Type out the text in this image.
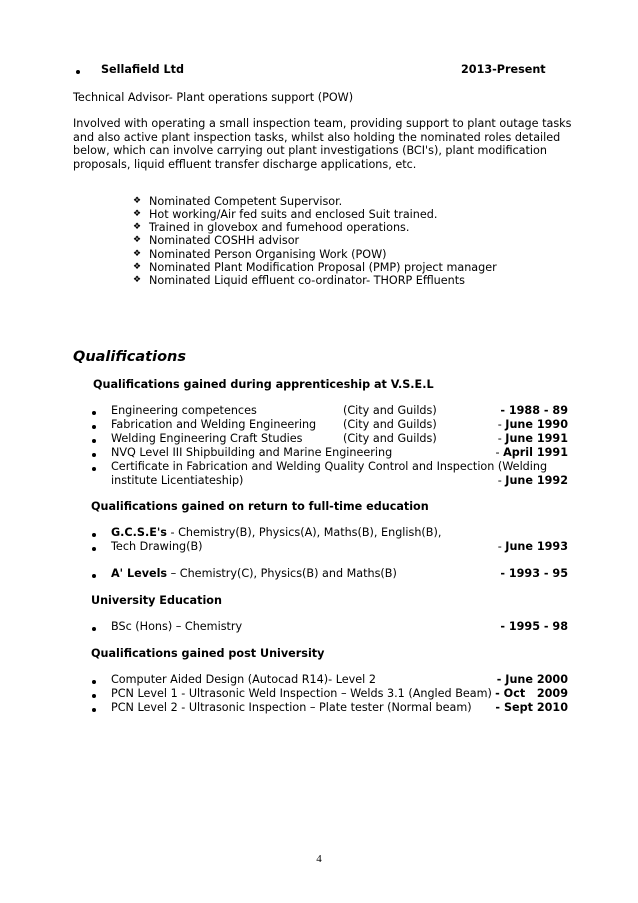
Sellafield Ltd	2013-Present
Technical Advisor- Plant operations support (POW)
Involved with operating a small inspection team, providing support to plant outage tasks and also active plant inspection tasks, whilst also holding the nominated roles detailed below, which can involve carrying out plant investigations (BCI's), plant modification proposals, liquid effluent transfer discharge applications, etc.
❖ Nominated Competent Supervisor.
❖ Hot working/Air fed suits and enclosed Suit trained.
❖ Trained in glovebox and fumehood operations.
❖ Nominated COSHH advisor
❖ Nominated Person Organising Work (POW)
❖ Nominated Plant Modification Proposal (PMP) project manager
❖ Nominated Liquid effluent co-ordinator- THORP Effluents
Qualifications
Qualifications gained during apprenticeship at V.S.E.L
Engineering competences	(City and Guilds)	- 1988 - 89
Fabrication and Welding Engineering (City and Guilds)	- June 1990
Welding Engineering Craft Studies	(City and Guilds)	- June 1991
NVQ Level III Shipbuilding and Marine Engineering	- April 1991
Certificate in Fabrication and Welding Quality Control and Inspection (Welding
institute Licentiateship)	- June 1992
Qualifications gained on return to full-time education
G.C.S.E's - Chemistry(B), Physics(A), Maths(B), English(B),
Tech Drawing(B)	- June 1993
A' Levels – Chemistry(C), Physics(B) and Maths(B)	- 1993 - 95
University Education
BSc (Hons) – Chemistry	- 1995 - 98
Qualifications gained post University
Computer Aided Design (Autocad R14)- Level 2	- June 2000
PCN Level 1 - Ultrasonic Weld Inspection – Welds 3.1 (Angled Beam) - Oct   2009
PCN Level 2 - Ultrasonic Inspection – Plate tester (Normal beam)	- Sept 2010
4
